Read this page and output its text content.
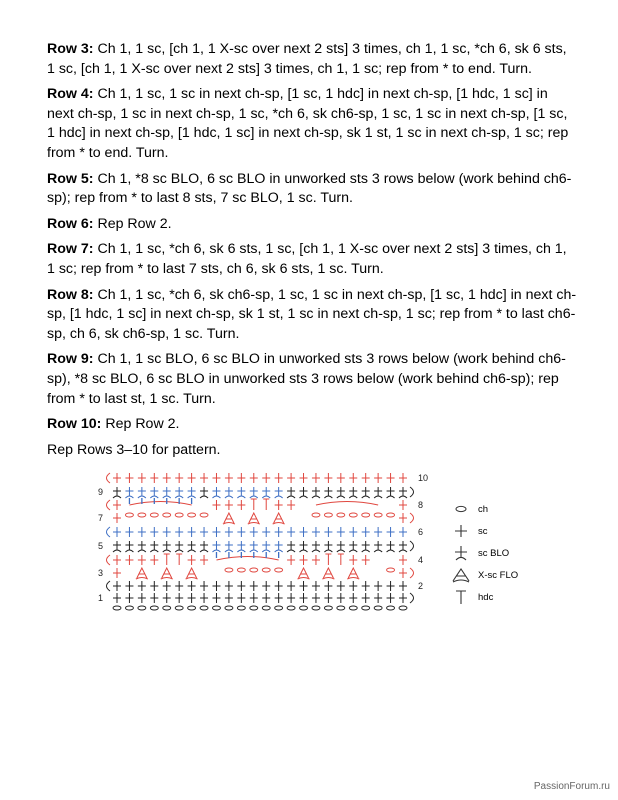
Row 3: Ch 1, 1 sc, [ch 1, 1 X-sc over next 2 sts] 3 times, ch 1, 1 sc, *ch 6, sk 6 sts, 1 sc, [ch 1, 1 X-sc over next 2 sts] 3 times, ch 1, 1 sc; rep from * to end. Turn.

Row 4: Ch 1, 1 sc, 1 sc in next ch-sp, [1 sc, 1 hdc] in next ch-sp, [1 hdc, 1 sc] in next ch-sp, 1 sc in next ch-sp, 1 sc, *ch 6, sk ch6-sp, 1 sc, 1 sc in next ch-sp, [1 sc, 1 hdc] in next ch-sp, [1 hdc, 1 sc] in next ch-sp, sk 1 st, 1 sc in next ch-sp, 1 sc; rep from * to end. Turn.

Row 5: Ch 1, *8 sc BLO, 6 sc BLO in unworked sts 3 rows below (work behind ch6-sp); rep from * to last 8 sts, 7 sc BLO, 1 sc. Turn.

Row 6: Rep Row 2.

Row 7: Ch 1, 1 sc, *ch 6, sk 6 sts, 1 sc, [ch 1, 1 X-sc over next 2 sts] 3 times, ch 1, 1 sc; rep from * to last 7 sts, ch 6, sk 6 sts, 1 sc. Turn.

Row 8: Ch 1, 1 sc, *ch 6, sk ch6-sp, 1 sc, 1 sc in next ch-sp, [1 sc, 1 hdc] in next ch-sp, [1 hdc, 1 sc] in next ch-sp, sk 1 st, 1 sc in next ch-sp, 1 sc; rep from * to last ch6-sp, ch 6, sk ch6-sp, 1 sc. Turn.

Row 9: Ch 1, 1 sc BLO, 6 sc BLO in unworked sts 3 rows below (work behind ch6-sp), *8 sc BLO, 6 sc BLO in unworked sts 3 rows below (work behind ch6-sp); rep from * to last st, 1 sc. Turn.

Row 10: Rep Row 2.

Rep Rows 3–10 for pattern.

9
7
5
3
1
10
8
6
4
2
ch
sc
sc BLO
X-sc FLO
hdc
PassionForum.ru
